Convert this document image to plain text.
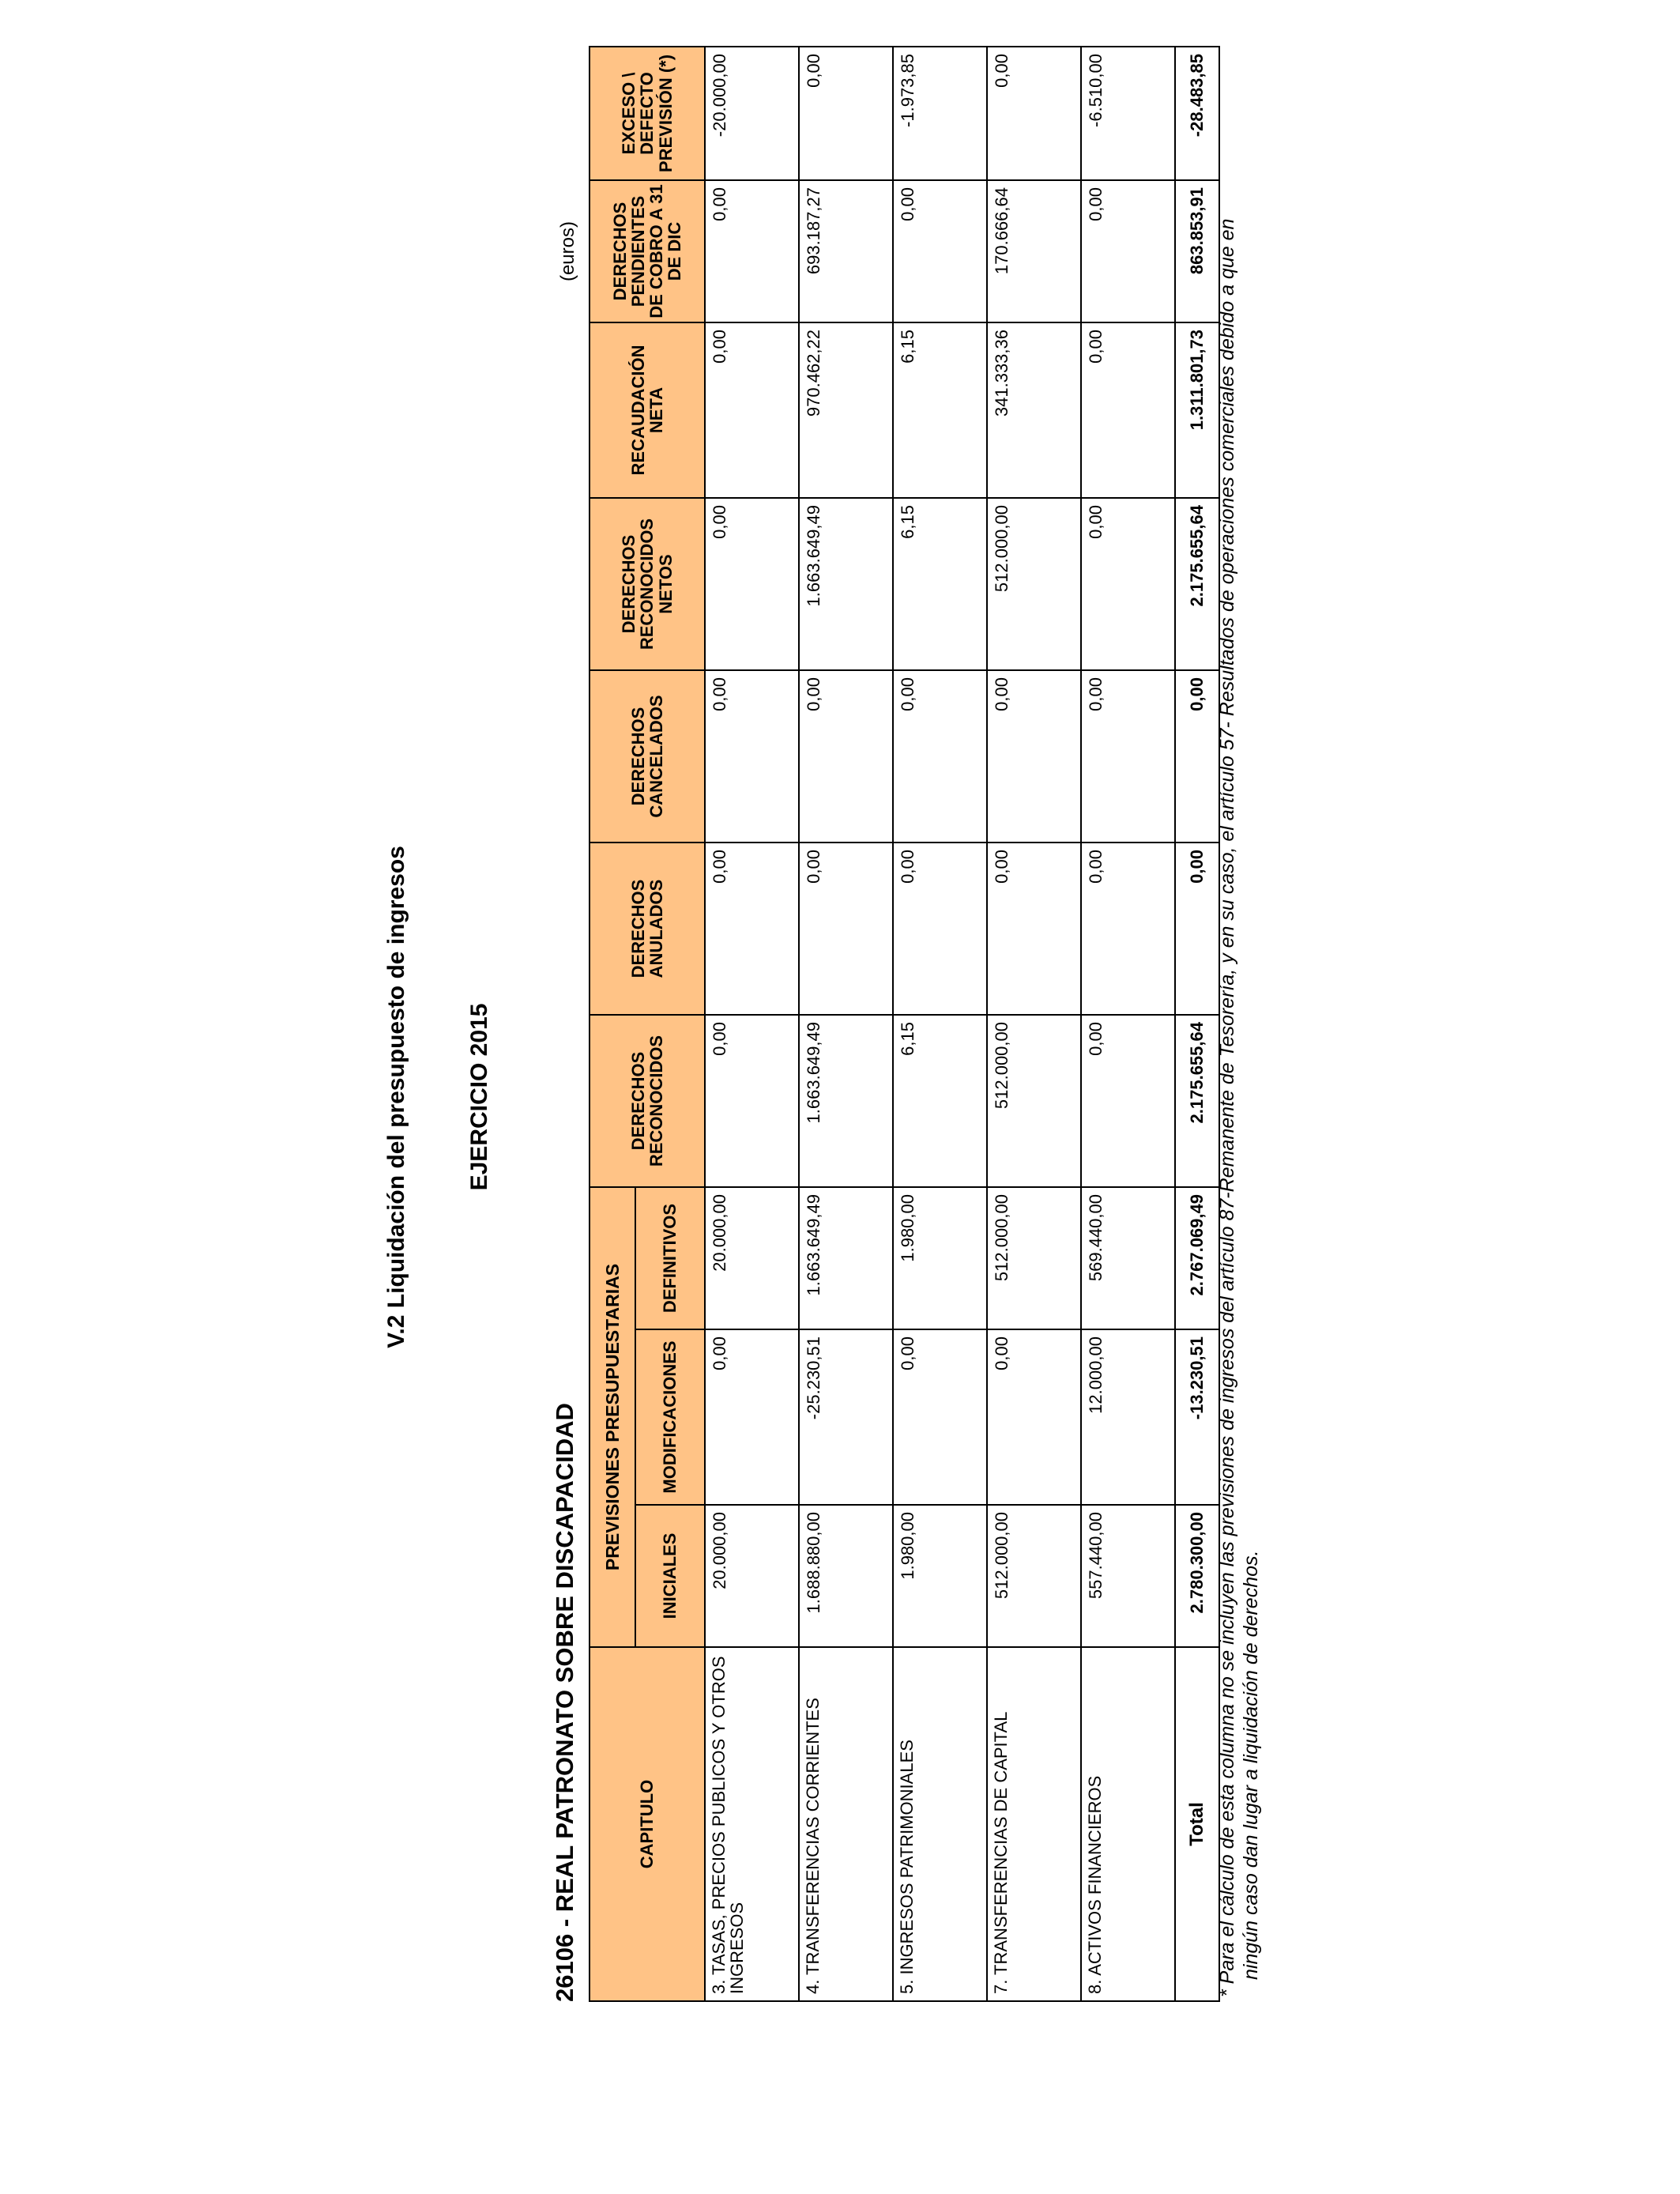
V.2 Liquidación del presupuesto de ingresos EJERCICIO 2015
26106 - REAL PATRONATO SOBRE DISCAPACIDAD
(euros)
CAPITULO	PREVISIONES PRESUPUESTARIAS			DERECHOS RECONOCIDOS	DERECHOS ANULADOS	DERECHOS CANCELADOS	DERECHOS RECONOCIDOS NETOS	RECAUDACIÓN NETA	DERECHOS PENDIENTES DE COBRO A 31 DE DIC	EXCESO \ DEFECTO PREVISIÓN (*)
	INICIALES	MODIFICACIONES	DEFINITIVOS							
3. TASAS, PRECIOS PUBLICOS Y OTROS INGRESOS	20.000,00	0,00	20.000,00	0,00	0,00	0,00	0,00	0,00	0,00	-20.000,00
4. TRANSFERENCIAS CORRIENTES	1.688.880,00	-25.230,51	1.663.649,49	1.663.649,49	0,00	0,00	1.663.649,49	970.462,22	693.187,27	0,00
5. INGRESOS PATRIMONIALES	1.980,00	0,00	1.980,00	6,15	0,00	0,00	6,15	6,15	0,00	-1.973,85
7. TRANSFERENCIAS DE CAPITAL	512.000,00	0,00	512.000,00	512.000,00	0,00	0,00	512.000,00	341.333,36	170.666,64	0,00
8. ACTIVOS FINANCIEROS	557.440,00	12.000,00	569.440,00	0,00	0,00	0,00	0,00	0,00	0,00	-6.510,00
Total	2.780.300,00	-13.230,51	2.767.069,49	2.175.655,64	0,00	0,00	2.175.655,64	1.311.801,73	863.853,91	-28.483,85
* Para el cálculo de esta columna no se incluyen las previsiones de ingresos del artículo 87-Remanente de Tesorería, y en su caso, el artículo 57- Resultados de operaciones comerciales debido a que en ningún caso dan lugar a liquidación de derechos.
